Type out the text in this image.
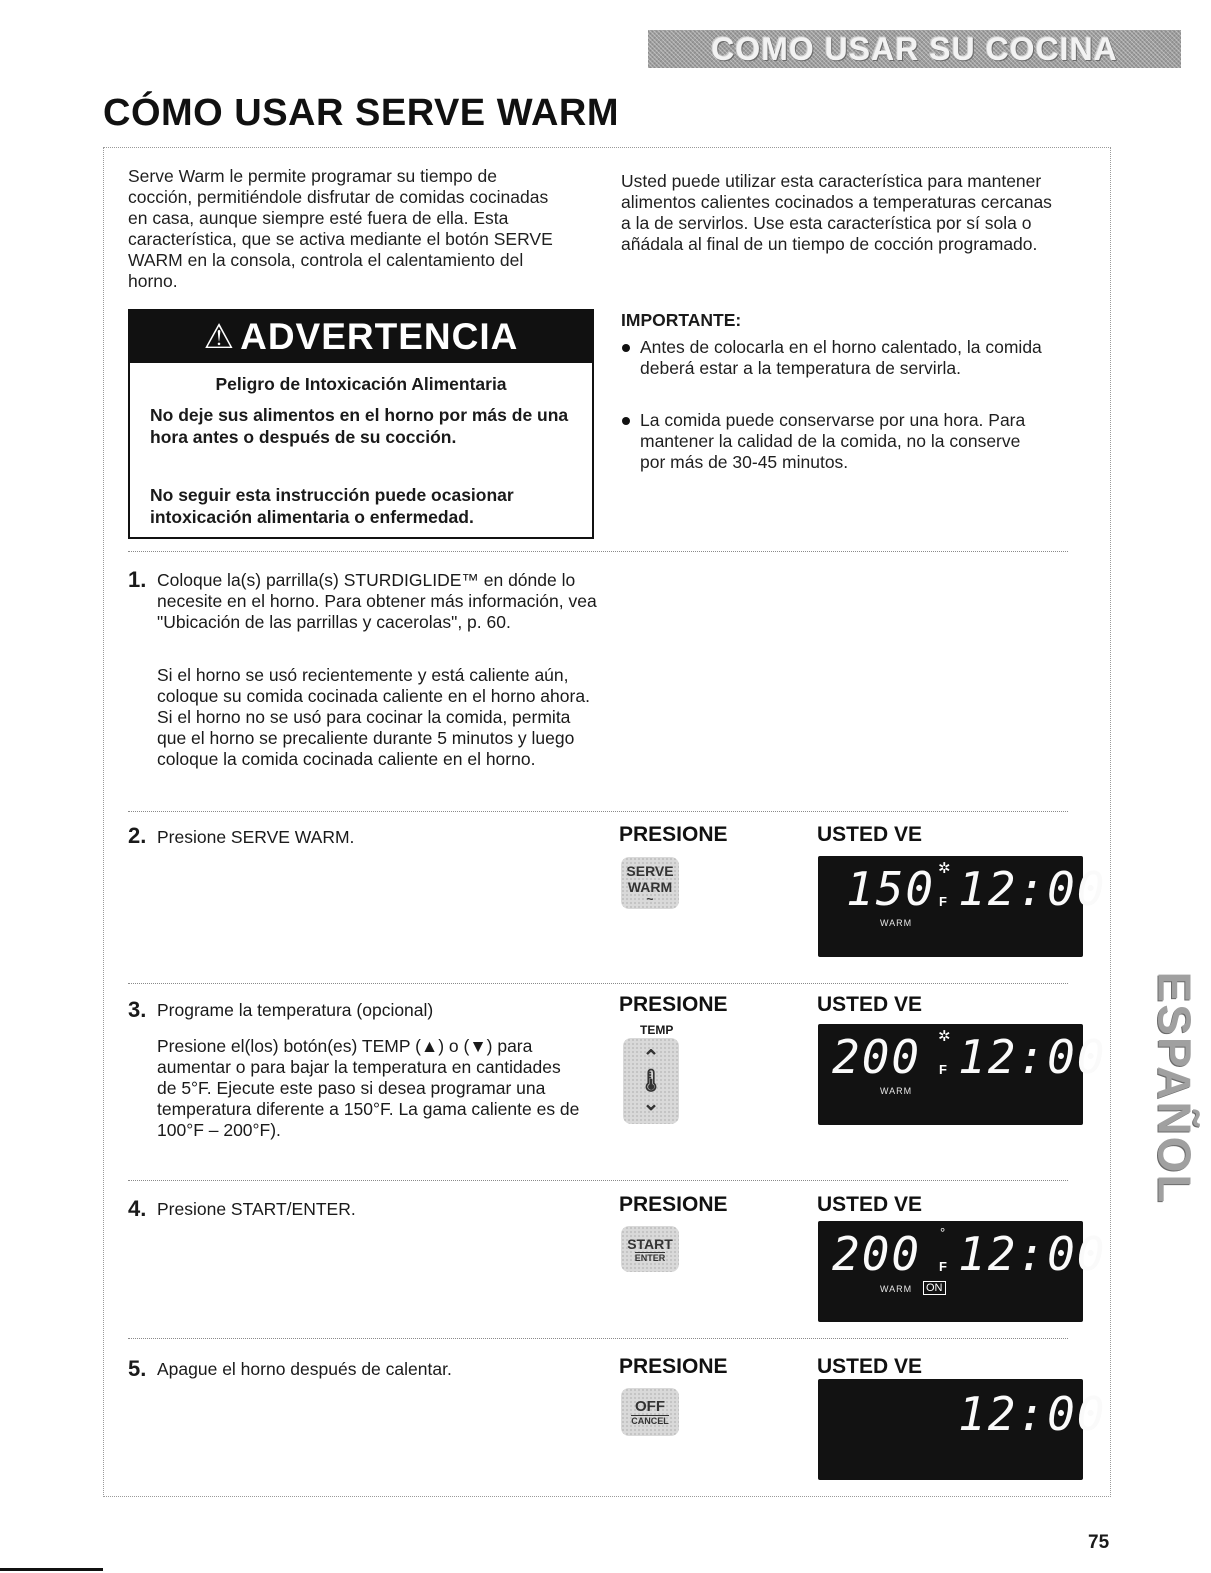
COMO USAR SU COCINA
CÓMO USAR SERVE WARM
Serve Warm le permite programar su tiempo de cocción, permitiéndole disfrutar de comidas cocinadas en casa, aunque siempre esté fuera de ella. Esta característica, que se activa mediante el botón SERVE WARM en la consola, controla el calentamiento del horno.
Usted puede utilizar esta característica para mantener alimentos calientes cocinados a temperaturas cercanas a la de servirlos. Use esta característica por sí sola o añádala al final de un tiempo de cocción programado.
⚠ ADVERTENCIA
Peligro de Intoxicación Alimentaria
No deje sus alimentos en el horno por más de una hora antes o después de su cocción.
No seguir esta instrucción puede ocasionar intoxicación alimentaria o enfermedad.
IMPORTANTE:
Antes de colocarla en el horno calentado, la comida deberá estar a la temperatura de servirla.
La comida puede conservarse por una hora. Para mantener la calidad de la comida, no la conserve por más de 30-45 minutos.
1. Coloque la(s) parrilla(s) STURDIGLIDE™ en dónde lo necesite en el horno. Para obtener más información, vea "Ubicación de las parrillas y cacerolas", p. 60.
Si el horno se usó recientemente y está caliente aún, coloque su comida cocinada caliente en el horno ahora. Si el horno no se usó para cocinar la comida, permita que el horno se precaliente durante 5 minutos y luego coloque la comida cocinada caliente en el horno.
2. Presione SERVE WARM.	PRESIONE	USTED VE
SERVE
WARM
~	150 ✲
F 12:00
WARM
3. Programe la temperatura (opcional)
Presione el(los) botón(es) TEMP (▲) o (▼) para aumentar o para bajar la temperatura en cantidades de 5°F. Ejecute este paso si desea programar una temperatura diferente a 150°F. La gama caliente es de 100°F – 200°F).
PRESIONE	USTED VE
TEMP
⌃
🌡
⌄
200 ✲
F 12:00
WARM
4. Presione START/ENTER.	PRESIONE	USTED VE
START
ENTER	200 °
F 12:00
WARM ON
5. Apague el horno después de calentar.	PRESIONE	USTED VE
OFF
CANCEL	12:00
ESPAÑOL
75
